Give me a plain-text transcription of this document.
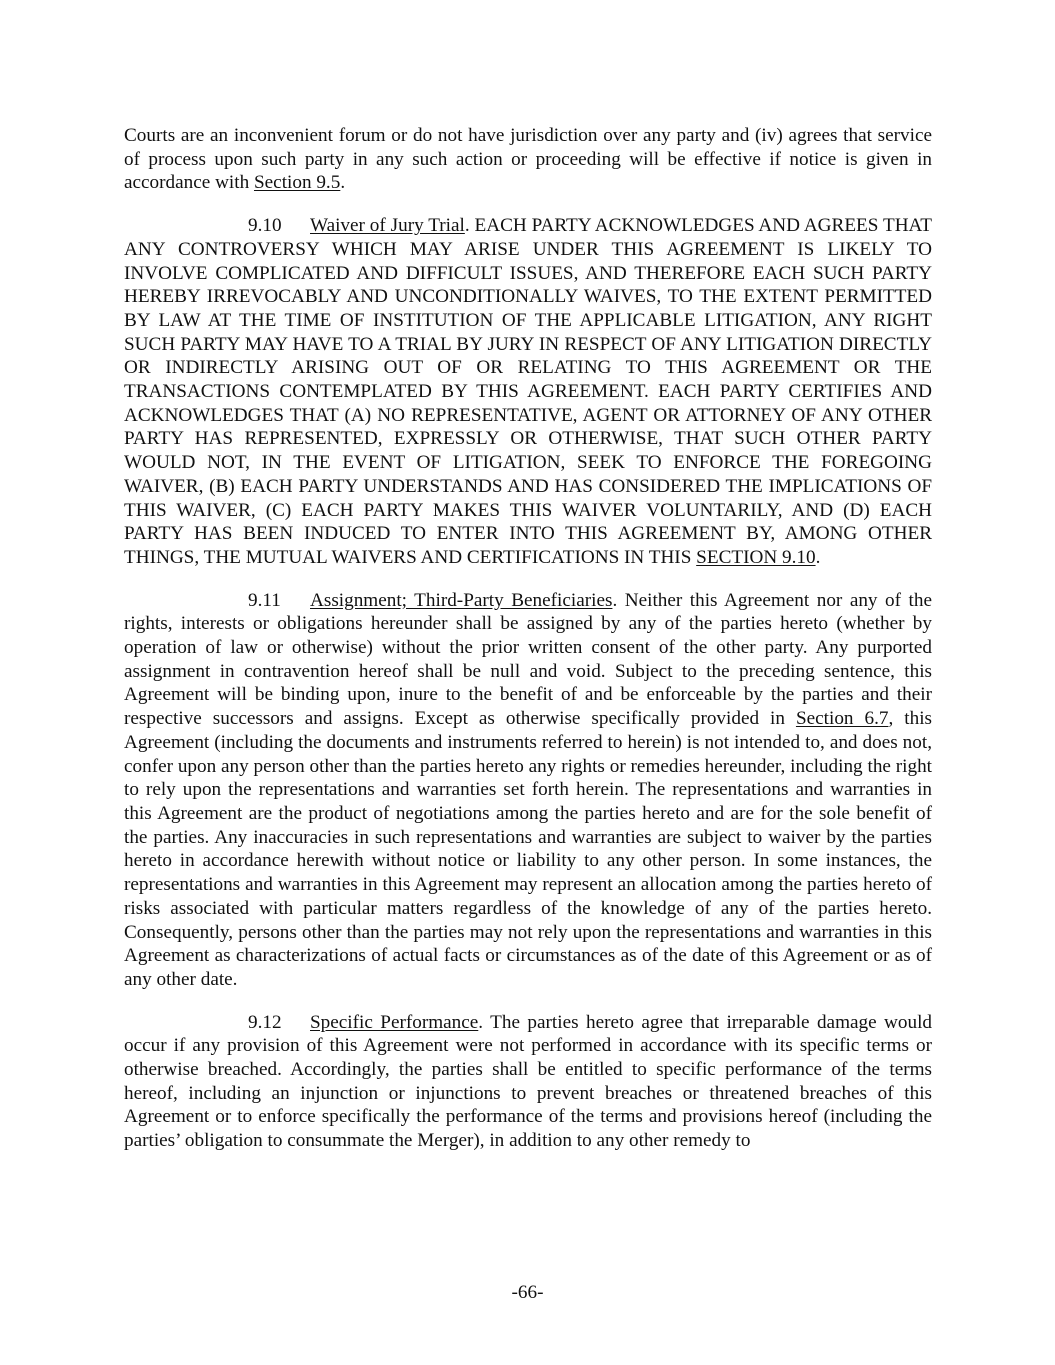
Courts are an inconvenient forum or do not have jurisdiction over any party and (iv) agrees that service of process upon such party in any such action or proceeding will be effective if notice is given in accordance with Section 9.5.

9.10 Waiver of Jury Trial. EACH PARTY ACKNOWLEDGES AND AGREES THAT ANY CONTROVERSY WHICH MAY ARISE UNDER THIS AGREEMENT IS LIKELY TO INVOLVE COMPLICATED AND DIFFICULT ISSUES, AND THEREFORE EACH SUCH PARTY HEREBY IRREVOCABLY AND UNCONDITIONALLY WAIVES, TO THE EXTENT PERMITTED BY LAW AT THE TIME OF INSTITUTION OF THE APPLICABLE LITIGATION, ANY RIGHT SUCH PARTY MAY HAVE TO A TRIAL BY JURY IN RESPECT OF ANY LITIGATION DIRECTLY OR INDIRECTLY ARISING OUT OF OR RELATING TO THIS AGREEMENT OR THE TRANSACTIONS CONTEMPLATED BY THIS AGREEMENT. EACH PARTY CERTIFIES AND ACKNOWLEDGES THAT (A) NO REPRESENTATIVE, AGENT OR ATTORNEY OF ANY OTHER PARTY HAS REPRESENTED, EXPRESSLY OR OTHERWISE, THAT SUCH OTHER PARTY WOULD NOT, IN THE EVENT OF LITIGATION, SEEK TO ENFORCE THE FOREGOING WAIVER, (B) EACH PARTY UNDERSTANDS AND HAS CONSIDERED THE IMPLICATIONS OF THIS WAIVER, (C) EACH PARTY MAKES THIS WAIVER VOLUNTARILY, AND (D) EACH PARTY HAS BEEN INDUCED TO ENTER INTO THIS AGREEMENT BY, AMONG OTHER THINGS, THE MUTUAL WAIVERS AND CERTIFICATIONS IN THIS SECTION 9.10.

9.11 Assignment; Third-Party Beneficiaries. Neither this Agreement nor any of the rights, interests or obligations hereunder shall be assigned by any of the parties hereto (whether by operation of law or otherwise) without the prior written consent of the other party. Any purported assignment in contravention hereof shall be null and void. Subject to the preceding sentence, this Agreement will be binding upon, inure to the benefit of and be enforceable by the parties and their respective successors and assigns. Except as otherwise specifically provided in Section 6.7, this Agreement (including the documents and instruments referred to herein) is not intended to, and does not, confer upon any person other than the parties hereto any rights or remedies hereunder, including the right to rely upon the representations and warranties set forth herein. The representations and warranties in this Agreement are the product of negotiations among the parties hereto and are for the sole benefit of the parties. Any inaccuracies in such representations and warranties are subject to waiver by the parties hereto in accordance herewith without notice or liability to any other person. In some instances, the representations and warranties in this Agreement may represent an allocation among the parties hereto of risks associated with particular matters regardless of the knowledge of any of the parties hereto. Consequently, persons other than the parties may not rely upon the representations and warranties in this Agreement as characterizations of actual facts or circumstances as of the date of this Agreement or as of any other date.

9.12 Specific Performance. The parties hereto agree that irreparable damage would occur if any provision of this Agreement were not performed in accordance with its specific terms or otherwise breached. Accordingly, the parties shall be entitled to specific performance of the terms hereof, including an injunction or injunctions to prevent breaches or threatened breaches of this Agreement or to enforce specifically the performance of the terms and provisions hereof (including the parties’ obligation to consummate the Merger), in addition to any other remedy to

-66-
